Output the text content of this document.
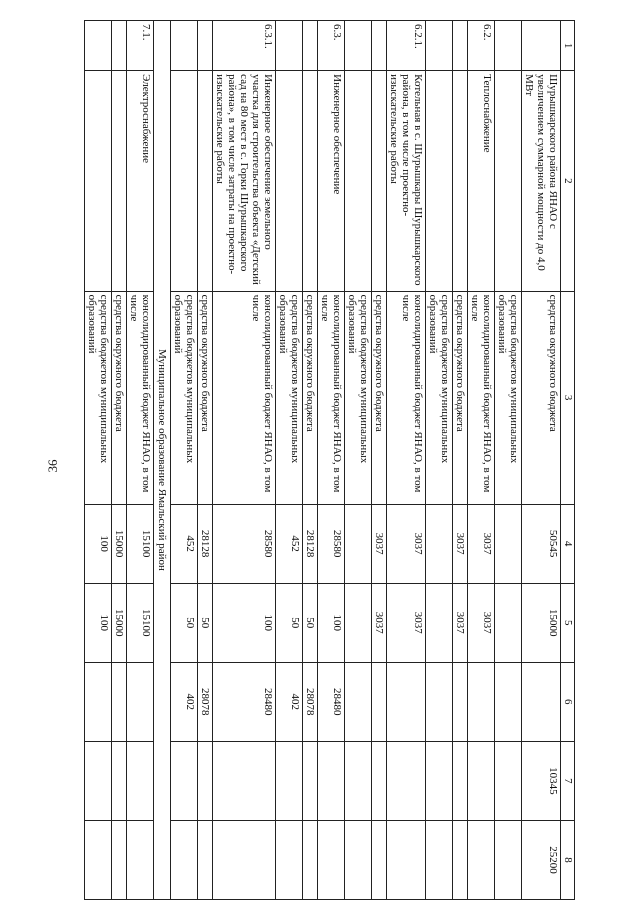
36
1	2	3	4	5	6	7	8
	Шурышкарского района ЯНАО с увеличением суммарной мощности до 4,0 МВт	средства окружного бюджета	50545	15000		10345	25200
		средства бюджетов муниципальных образований					
6.2.	Теплоснабжение	консолидированный бюджет ЯНАО, в том числе	3037	3037			
		средства окружного бюджета	3037	3037			
		средства бюджетов муниципальных образований					
6.2.1.	Котельная в с. Шурышкары Шурышкарского района, в том числе проектно-изыскательские работы	консолидированный бюджет ЯНАО, в том числе	3037	3037			
		средства окружного бюджета	3037	3037			
		средства бюджетов муниципальных образований					
6.3.	Инженерное обеспечение	консолидированный бюджет ЯНАО, в том числе	28580	100	28480		
		средства окружного бюджета	28128	50	28078		
		средства бюджетов муниципальных образований	452	50	402		
6.3.1.	Инженерное обеспечение земельного участка для строительства объекта «Детский сад на 80 мест в с. Горки Шурышкарского района», в том числе затраты на проектно-изыскательские работы	консолидированный бюджет ЯНАО, в том числе	28580	100	28480		
		средства окружного бюджета	28128	50	28078		
		средства бюджетов муниципальных образований	452	50	402		
Муниципальное образование Ямальский район							
7.1.	Электроснабжение	консолидированный бюджет ЯНАО, в том числе	15100	15100			
		средства окружного бюджета	15000	15000			
		средства бюджетов муниципальных образований	100	100			
